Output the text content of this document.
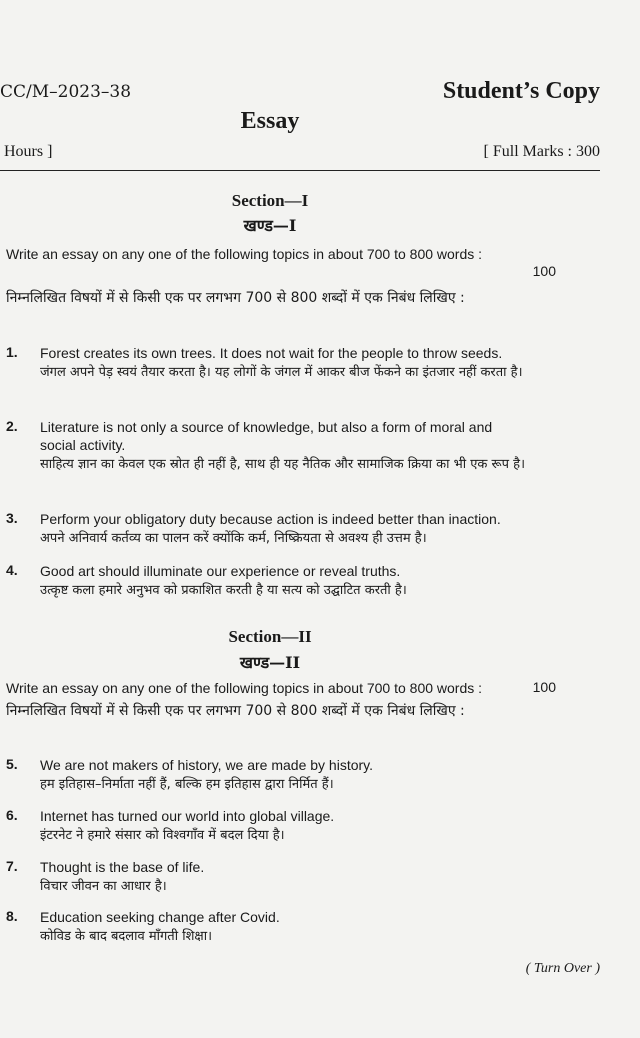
CC/M–2023–38	Student’s Copy
Essay
Hours ]	[ Full Marks : 300
Section—I
खण्ड—I
Write an essay on any one of the following topics in about 700 to 800 words :
100
निम्नलिखित विषयों में से किसी एक पर लगभग 700 से 800 शब्दों में एक निबंध लिखिए :
1. Forest creates its own trees. It does not wait for the people to throw seeds.
जंगल अपने पेड़ स्वयं तैयार करता है। यह लोगों के जंगल में आकर बीज फेंकने का इंतजार नहीं करता है।
2. Literature is not only a source of knowledge, but also a form of moral and social activity.
साहित्य ज्ञान का केवल एक स्रोत ही नहीं है, साथ ही यह नैतिक और सामाजिक क्रिया का भी एक रूप है।
3. Perform your obligatory duty because action is indeed better than inaction.
अपने अनिवार्य कर्तव्य का पालन करें क्योंकि कर्म, निष्क्रियता से अवश्य ही उत्तम है।
4. Good art should illuminate our experience or reveal truths.
उत्कृष्ट कला हमारे अनुभव को प्रकाशित करती है या सत्य को उद्घाटित करती है।
Section—II
खण्ड—II
Write an essay on any one of the following topics in about 700 to 800 words :	100
निम्नलिखित विषयों में से किसी एक पर लगभग 700 से 800 शब्दों में एक निबंध लिखिए :
5. We are not makers of history, we are made by history.
हम इतिहास–निर्माता नहीं हैं, बल्कि हम इतिहास द्वारा निर्मित हैं।
6. Internet has turned our world into global village.
इंटरनेट ने हमारे संसार को विश्वगाँव में बदल दिया है।
7. Thought is the base of life.
विचार जीवन का आधार है।
8. Education seeking change after Covid.
कोविड के बाद बदलाव माँगती शिक्षा।
( Turn Over )
